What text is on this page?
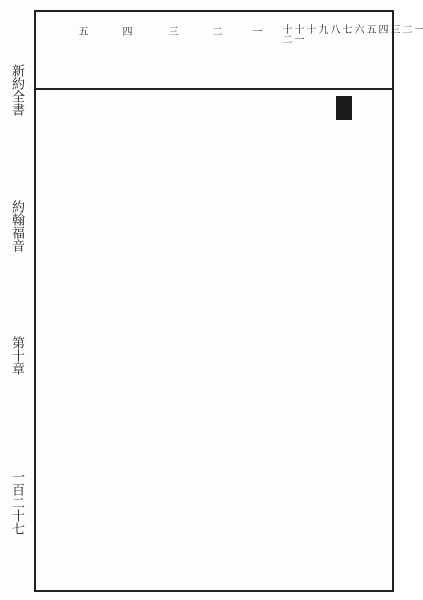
一
二
三
四
五
六
七
八
九
十
十一
十二
一
二
三
四
五
新約全書
約翰福音
第十章
一百二十七
